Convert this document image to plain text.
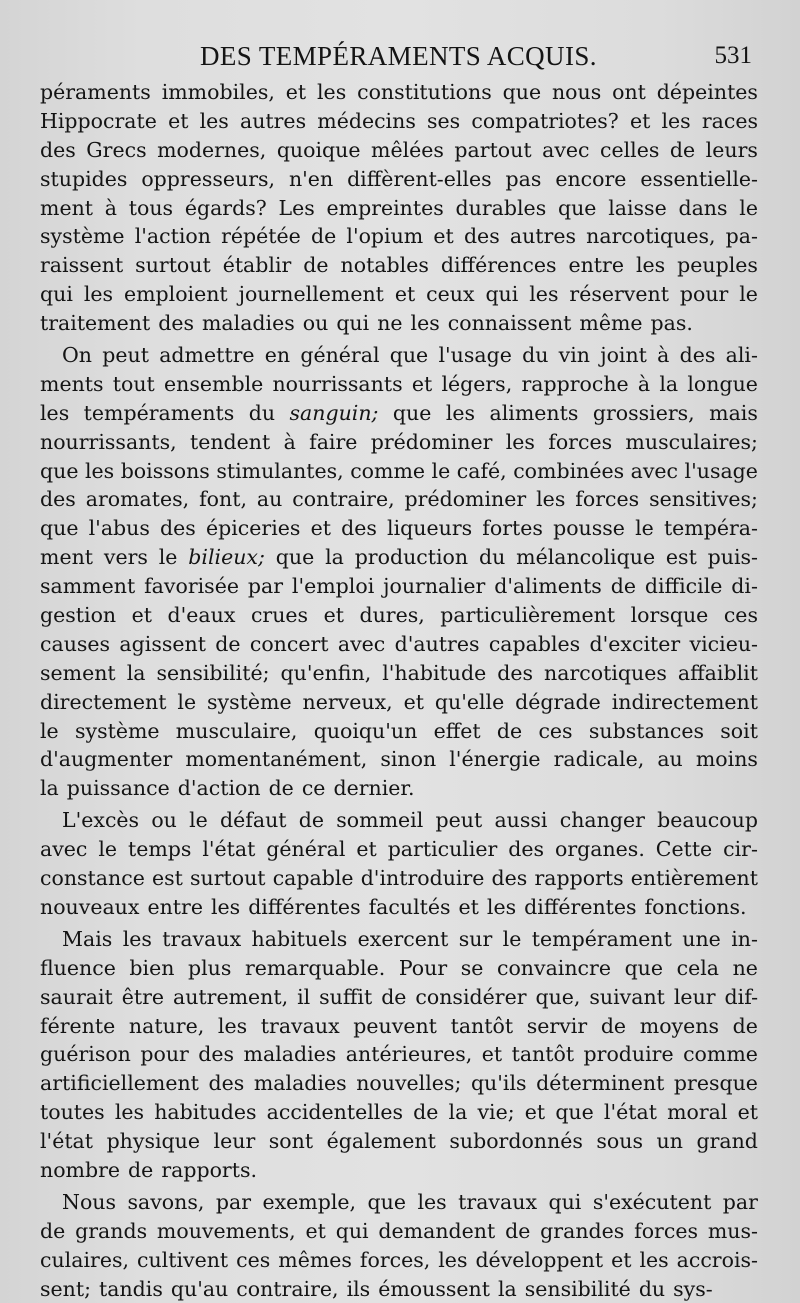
DES TEMPÉRAMENTS ACQUIS.	531
péraments immobiles, et les constitutions que nous ont dépeintes
Hippocrate et les autres médecins ses compatriotes? et les races
des Grecs modernes, quoique mêlées partout avec celles de leurs
stupides oppresseurs, n'en diffèrent-elles pas encore essentielle-
ment à tous égards? Les empreintes durables que laisse dans le
système l'action répétée de l'opium et des autres narcotiques, pa-
raissent surtout établir de notables différences entre les peuples
qui les emploient journellement et ceux qui les réservent pour le
traitement des maladies ou qui ne les connaissent même pas.
On peut admettre en général que l'usage du vin joint à des ali-
ments tout ensemble nourrissants et légers, rapproche à la longue
les tempéraments du sanguin; que les aliments grossiers, mais
nourrissants, tendent à faire prédominer les forces musculaires;
que les boissons stimulantes, comme le café, combinées avec l'usage
des aromates, font, au contraire, prédominer les forces sensitives;
que l'abus des épiceries et des liqueurs fortes pousse le tempéra-
ment vers le bilieux; que la production du mélancolique est puis-
samment favorisée par l'emploi journalier d'aliments de difficile di-
gestion et d'eaux crues et dures, particulièrement lorsque ces
causes agissent de concert avec d'autres capables d'exciter vicieu-
sement la sensibilité; qu'enfin, l'habitude des narcotiques affaiblit
directement le système nerveux, et qu'elle dégrade indirectement
le système musculaire, quoiqu'un effet de ces substances soit
d'augmenter momentanément, sinon l'énergie radicale, au moins
la puissance d'action de ce dernier.
L'excès ou le défaut de sommeil peut aussi changer beaucoup
avec le temps l'état général et particulier des organes. Cette cir-
constance est surtout capable d'introduire des rapports entièrement
nouveaux entre les différentes facultés et les différentes fonctions.
Mais les travaux habituels exercent sur le tempérament une in-
fluence bien plus remarquable. Pour se convaincre que cela ne
saurait être autrement, il suffit de considérer que, suivant leur dif-
férente nature, les travaux peuvent tantôt servir de moyens de
guérison pour des maladies antérieures, et tantôt produire comme
artificiellement des maladies nouvelles; qu'ils déterminent presque
toutes les habitudes accidentelles de la vie; et que l'état moral et
l'état physique leur sont également subordonnés sous un grand
nombre de rapports.
Nous savons, par exemple, que les travaux qui s'exécutent par
de grands mouvements, et qui demandent de grandes forces mus-
culaires, cultivent ces mêmes forces, les développent et les accrois-
sent; tandis qu'au contraire, ils émoussent la sensibilité du sys-
